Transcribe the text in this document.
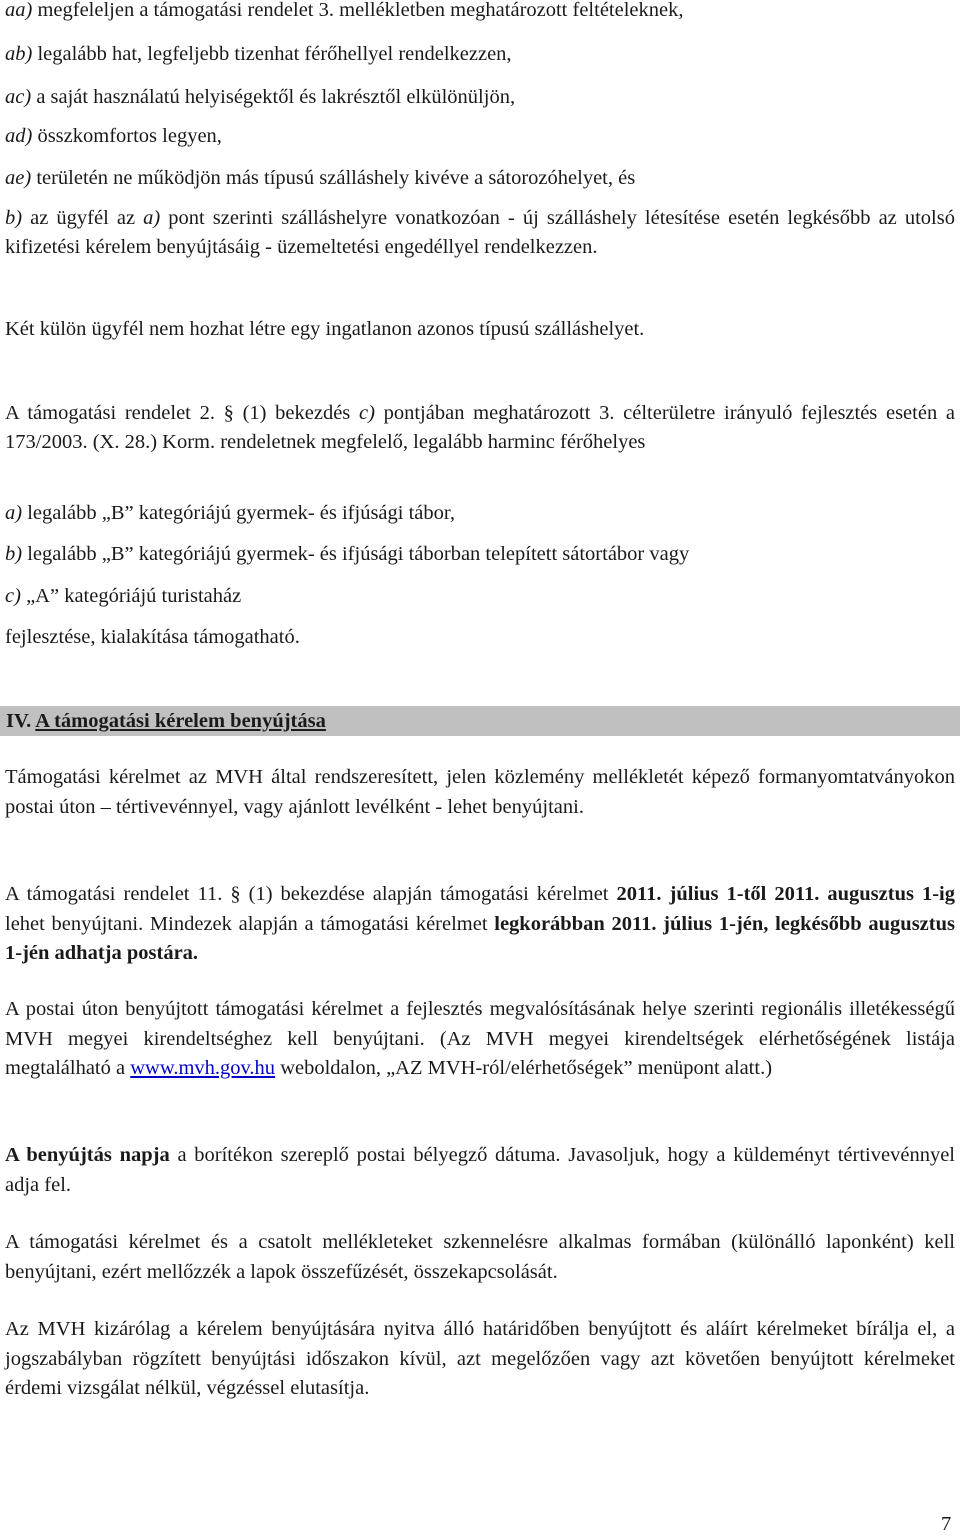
aa) megfeleljen a támogatási rendelet 3. mellékletben meghatározott feltételeknek,
ab) legalább hat, legfeljebb tizenhat férőhellyel rendelkezzen,
ac) a saját használatú helyiségektől és lakrésztől elkülönüljön,
ad) összkomfortos legyen,
ae) területén ne működjön más típusú szálláshely kivéve a sátorozóhelyet, és
b) az ügyfél az a) pont szerinti szálláshelyre vonatkozóan - új szálláshely létesítése esetén legkésőbb az utolsó kifizetési kérelem benyújtásáig - üzemeltetési engedéllyel rendelkezzen.
Két külön ügyfél nem hozhat létre egy ingatlanon azonos típusú szálláshelyet.
A támogatási rendelet 2. § (1) bekezdés c) pontjában meghatározott 3. célterületre irányuló fejlesztés esetén a 173/2003. (X. 28.) Korm. rendeletnek megfelelő, legalább harminc férőhelyes
a) legalább „B” kategóriájú gyermek- és ifjúsági tábor,
b) legalább „B” kategóriájú gyermek- és ifjúsági táborban telepített sátortábor vagy
c) „A” kategóriájú turistaház
fejlesztése, kialakítása támogatható.
IV. A támogatási kérelem benyújtása
Támogatási kérelmet az MVH által rendszeresített, jelen közlemény mellékletét képező formanyomtatványokon postai úton – tértivevénnyel, vagy ajánlott levélként - lehet benyújtani.
A támogatási rendelet 11. § (1) bekezdése alapján támogatási kérelmet 2011. július 1-től 2011. augusztus 1-ig lehet benyújtani. Mindezek alapján a támogatási kérelmet legkorábban 2011. július 1-jén, legkésőbb augusztus 1-jén adhatja postára.
A postai úton benyújtott támogatási kérelmet a fejlesztés megvalósításának helye szerinti regionális illetékességű MVH megyei kirendeltséghez kell benyújtani. (Az MVH megyei kirendeltségek elérhetőségének listája megtalálható a www.mvh.gov.hu weboldalon, „AZ MVH-ról/elérhetőségek” menüpont alatt.)
A benyújtás napja a borítékon szereplő postai bélyegző dátuma. Javasoljuk, hogy a küldeményt tértivevénnyel adja fel.
A támogatási kérelmet és a csatolt mellékleteket szkennelésre alkalmas formában (különálló laponként) kell benyújtani, ezért mellőzzék a lapok összefűzését, összekapcsolását.
Az MVH kizárólag a kérelem benyújtására nyitva álló határidőben benyújtott és aláírt kérelmeket bírálja el, a jogszabályban rögzített benyújtási időszakon kívül, azt megelőzően vagy azt követően benyújtott kérelmeket érdemi vizsgálat nélkül, végzéssel elutasítja.
7
